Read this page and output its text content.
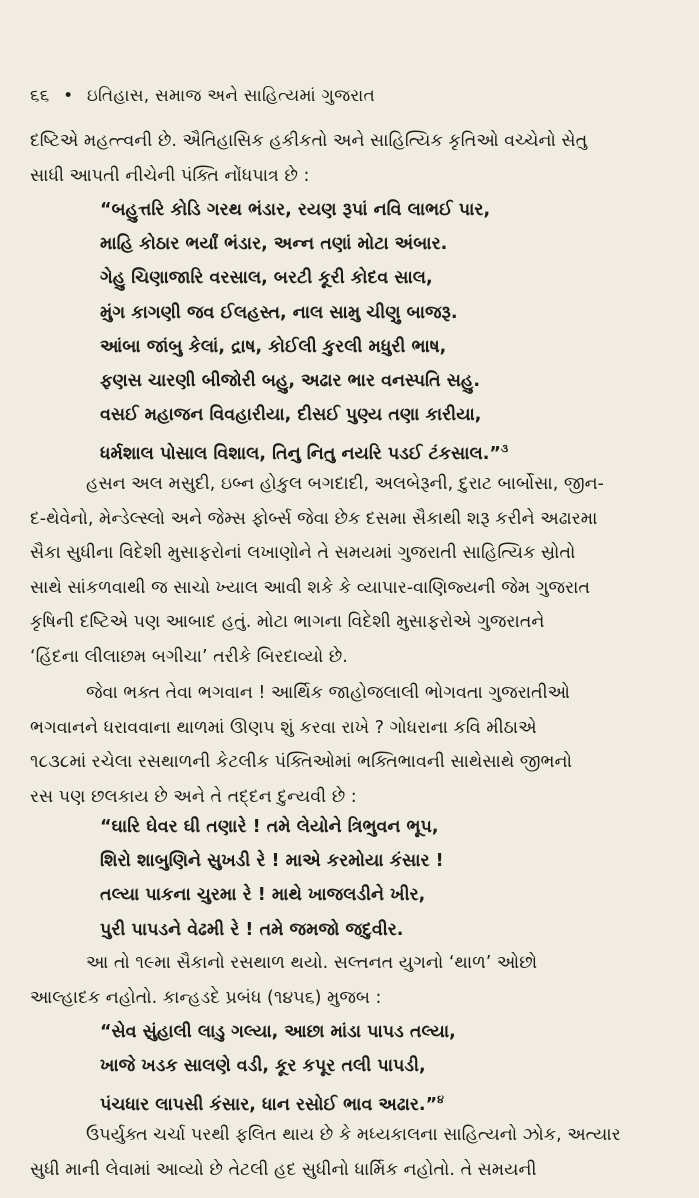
૬૬ • ઇતિહાસ, સમાજ અને સાહિત્યમાં ગુજરાત
દષ્ટિએ મહત્ત્વની છે. ઐતિહાસિક હકીકતો અને સાહિત્યિક કૃતિઓ વચ્ચેનો સેતુ
સાધી આપતી નીચેની પંક્તિ નોંધપાત્ર છે :
“બહુત્તરિ કોડિ ગરથ ભંડાર, રયણ રૂપાં નવિ લાભઈ પાર,
માહિ કોઠાર ભર્યાં ભંડાર, અન્ન તણાં મોટા અંબાર.
ગેહુ ચિણાજારિ વરસાલ, બરટી કૂરી કોદવ સાલ,
મુંગ કાગણી જવ ઈલહસ્ત, નાલ સામુ ચીણુ બાજરૂ.
આંબા જાંબુ કેલાં, દ્રાષ, કોઈલી કુરલી મધુરી ભાષ,
ફણસ ચારણી બીજોરી બહુ, અઢાર ભાર વનસ્પતિ સહુ.
વસઈ મહાજન વિવહારીયા, દીસઈ પુણ્ય તણા કારીયા,
ધર્મશાલ પોસાલ વિશાલ, તિનુ નિતુ નયરિ પડઈ ટંકસાલ.”$^૩$
હસન અલ મસુદી, ઇબ્ન હોકુલ બગદાદી, અલબેરૂની, દુરાટ બાર્બોસા, જીન-
દ-થેવેનો, મેન્ડેલ્સ્લો અને જેમ્સ ફોર્બ્સ જેવા છેક દસમા સૈકાથી શરૂ કરીને અઢારમા
સૈકા સુધીના વિદેશી મુસાફરોનાં લખાણોને તે સમયમાં ગુજરાતી સાહિત્યિક સ્રોતો
સાથે સાંકળવાથી જ સાચો ખ્યાલ આવી શકે કે વ્યાપાર-વાણિજ્યની જેમ ગુજરાત
કૃષિની દષ્ટિએ પણ આબાદ હતું. મોટા ભાગના વિદેશી મુસાફરોએ ગુજરાતને
‘હિંદના લીલાછમ બગીચા’ તરીકે બિરદાવ્યો છે.
જેવા ભક્ત તેવા ભગવાન ! આર્થિક જાહોજલાલી ભોગવતા ગુજરાતીઓ
ભગવાનને ધરાવવાના થાળમાં ઊણપ શું કરવા રાખે ? ગોધરાના કવિ મીઠાએ
૧૮૩૮માં રચેલા રસથાળની કેટલીક પંક્તિઓમાં ભક્તિભાવની સાથેસાથે જીભનો
રસ પણ છલકાય છે અને તે તદ્દન દુન્યવી છે :
“ઘારિ ઘેવર ઘી તણારે ! તમે લેયોને ત્રિભુવન ભૂપ,
શિરો શાબુણિને સુખડી રે ! માએ કરમોયા કંસાર !
તલ્યા પાકના ચુરમા રે ! માથે ખાજલડીને ખીર,
પુરી પાપડને વેઢમી રે ! તમે જમજો જદુવીર.
આ તો ૧૯મા સૈકાનો રસથાળ થયો. સલ્તનત યુગનો ‘થાળ’ ઓછો
આલ્હાદક નહોતો. કાન્હડદે પ્રબંધ (૧૪૫૬) મુજબ :
“સેવ સુંહાલી લાડુ ગલ્યા, આછા માંડા પાપડ તલ્યા,
ખાજે ખડક સાલણે વડી, કૂર કપૂર તલી પાપડી,
પંચધાર લાપસી કંસાર, ધાન રસોઈ ભાવ અઢાર.”$^૪$
ઉપર્યુક્ત ચર્ચા પરથી ફલિત થાય છે કે મધ્યકાલના સાહિત્યનો ઝોક, અત્યાર
સુધી માની લેવામાં આવ્યો છે તેટલી હદ સુધીનો ધાર્મિક નહોતો. તે સમયની
